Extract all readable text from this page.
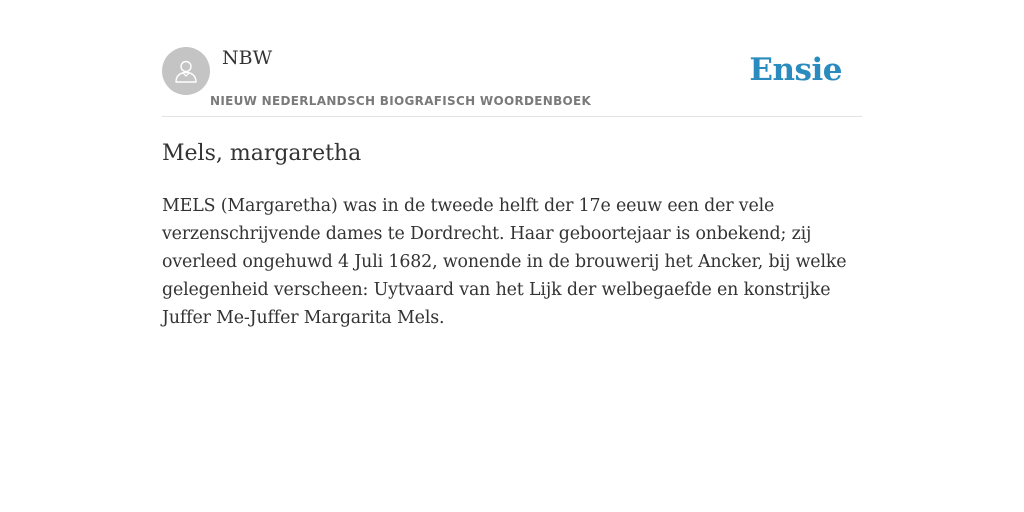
NBW
NIEUW NEDERLANDSCH BIOGRAFISCH WOORDENBOEK
Ensie
Mels, margaretha

MELS (Margaretha) was in de tweede helft der 17e eeuw een der vele verzenschrijvende dames te Dordrecht. Haar geboortejaar is onbekend; zij overleed ongehuwd 4 Juli 1682, wonende in de brouwerij het Ancker, bij welke gelegenheid verscheen: Uytvaard van het Lijk der welbegaefde en konstrijke Juffer Me-Juffer Margarita Mels.
